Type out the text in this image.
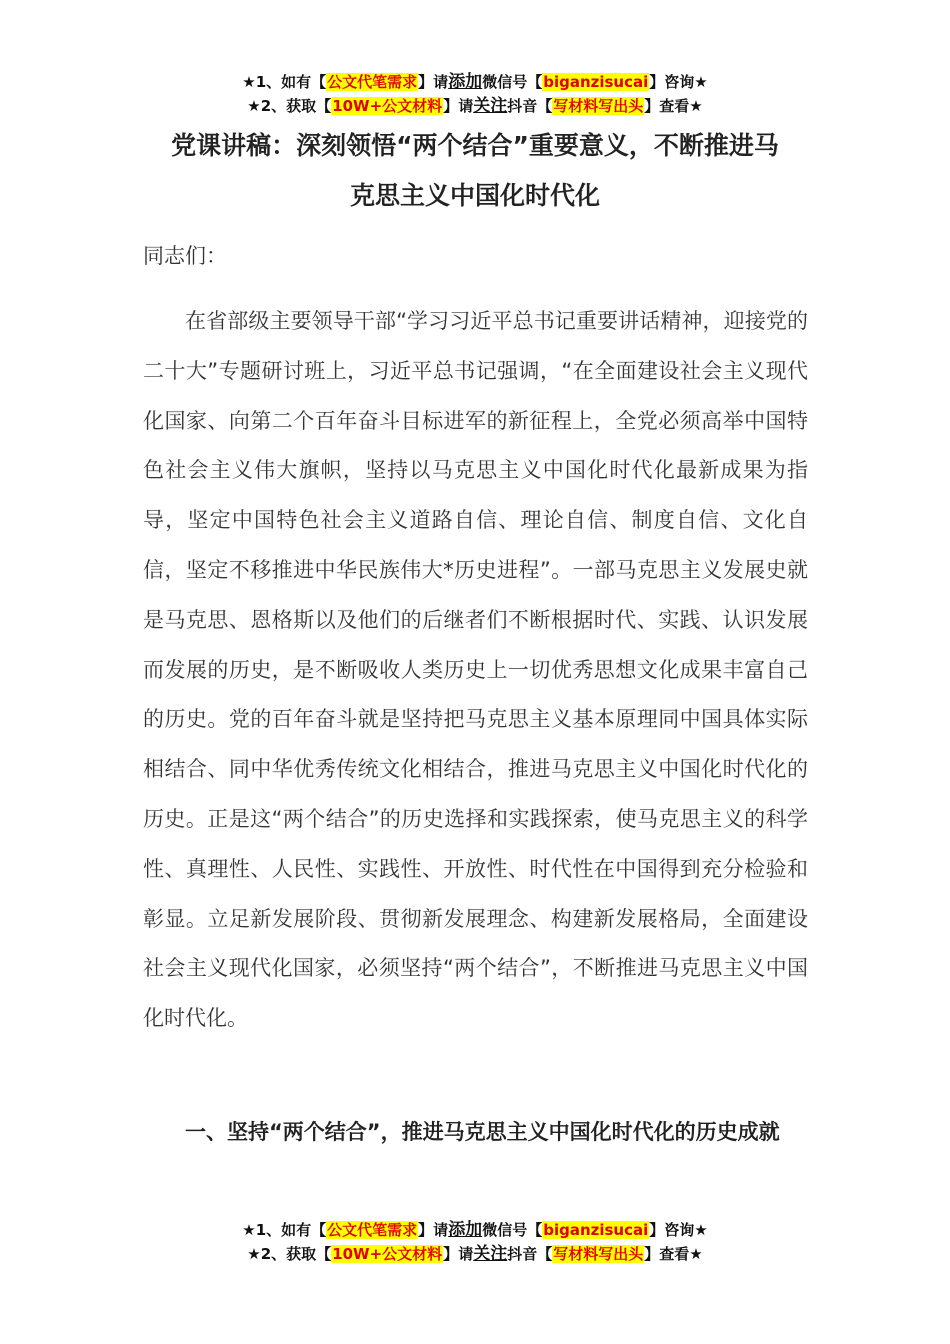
★1、如有【公文代笔需求】请添加微信号【biganzisucai】咨询★
★2、获取【10W+公文材料】请关注抖音【写材料写出头】查看★
党课讲稿：深刻领悟“两个结合”重要意义，不断推进马
克思主义中国化时代化
同志们：

在省部级主要领导干部“学习习近平总书记重要讲话精神，迎接党的二十大”专题研讨班上，习近平总书记强调，“在全面建设社会主义现代化国家、向第二个百年奋斗目标进军的新征程上，全党必须高举中国特色社会主义伟大旗帜，坚持以马克思主义中国化时代化最新成果为指导，坚定中国特色社会主义道路自信、理论自信、制度自信、文化自信，坚定不移推进中华民族伟大*历史进程”。一部马克思主义发展史就是马克思、恩格斯以及他们的后继者们不断根据时代、实践、认识发展而发展的历史，是不断吸收人类历史上一切优秀思想文化成果丰富自己的历史。党的百年奋斗就是坚持把马克思主义基本原理同中国具体实际相结合、同中华优秀传统文化相结合，推进马克思主义中国化时代化的历史。正是这“两个结合”的历史选择和实践探索，使马克思主义的科学性、真理性、人民性、实践性、开放性、时代性在中国得到充分检验和彰显。立足新发展阶段、贯彻新发展理念、构建新发展格局，全面建设社会主义现代化国家，必须坚持“两个结合”，不断推进马克思主义中国化时代化。

一、坚持“两个结合”，推进马克思主义中国化时代化的历史成就

★1、如有【公文代笔需求】请添加微信号【biganzisucai】咨询★
★2、获取【10W+公文材料】请关注抖音【写材料写出头】查看★
